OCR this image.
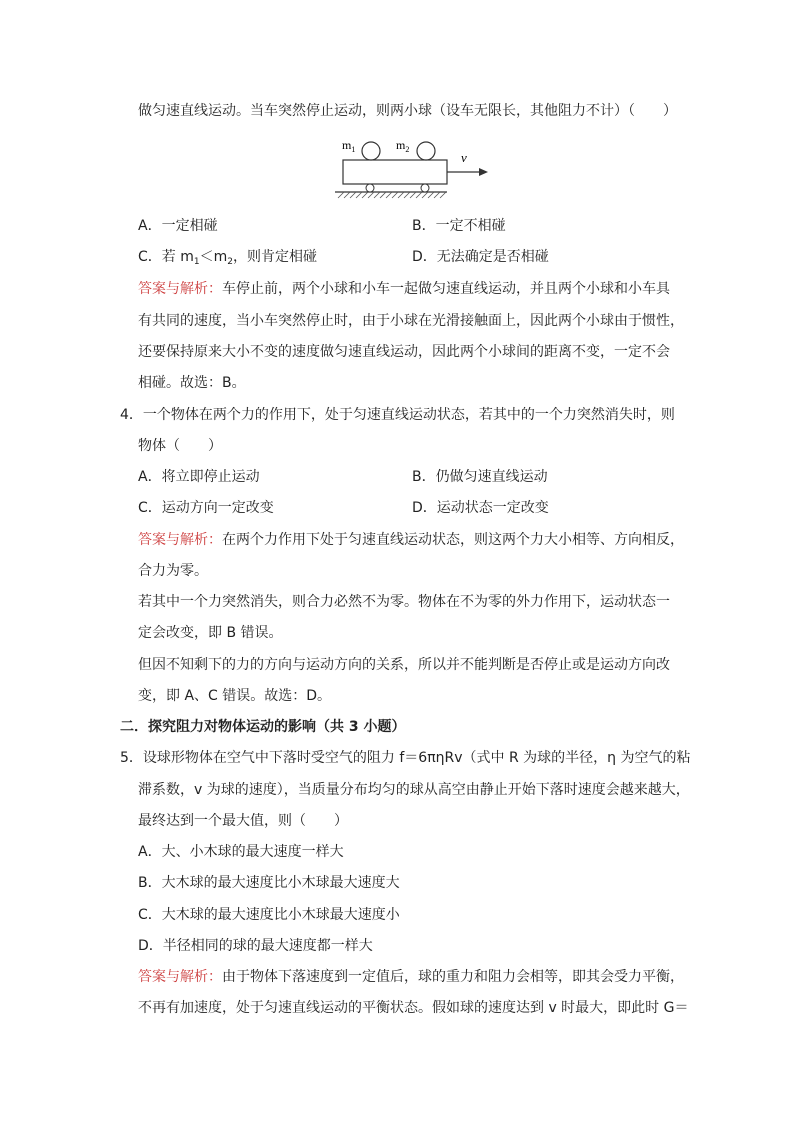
做匀速直线运动。当车突然停止运动，则两小球（设车无限长，其他阻力不计）（　　）
$m_1$	$m_2$
v
A．一定相碰	B．一定不相碰
C．若 $m_1<m_2$，则肯定相碰	D．无法确定是否相碰
答案与解析：车停止前，两个小球和小车一起做匀速直线运动，并且两个小球和小车具
有共同的速度，当小车突然停止时，由于小球在光滑接触面上，因此两个小球由于惯性，
还要保持原来大小不变的速度做匀速直线运动，因此两个小球间的距离不变，一定不会
相碰。故选：B。
4．一个物体在两个力的作用下，处于匀速直线运动状态，若其中的一个力突然消失时，则
物体（　　）
A．将立即停止运动	B．仍做匀速直线运动
C．运动方向一定改变	D．运动状态一定改变
答案与解析：在两个力作用下处于匀速直线运动状态，则这两个力大小相等、方向相反，
合力为零。
若其中一个力突然消失，则合力必然不为零。物体在不为零的外力作用下，运动状态一
定会改变，即 B 错误。
但因不知剩下的力的方向与运动方向的关系，所以并不能判断是否停止或是运动方向改
变，即 A、C 错误。故选：D。
二．探究阻力对物体运动的影响（共 3 小题）
5．设球形物体在空气中下落时受空气的阻力 f＝6πηRv（式中 R 为球的半径，η 为空气的粘
滞系数，v 为球的速度），当质量分布均匀的球从高空由静止开始下落时速度会越来越大，
最终达到一个最大值，则（　　）
A．大、小木球的最大速度一样大
B．大木球的最大速度比小木球最大速度大
C．大木球的最大速度比小木球最大速度小
D．半径相同的球的最大速度都一样大
答案与解析：由于物体下落速度到一定值后，球的重力和阻力会相等，即其会受力平衡，
不再有加速度，处于匀速直线运动的平衡状态。假如球的速度达到 v 时最大，即此时 G＝
